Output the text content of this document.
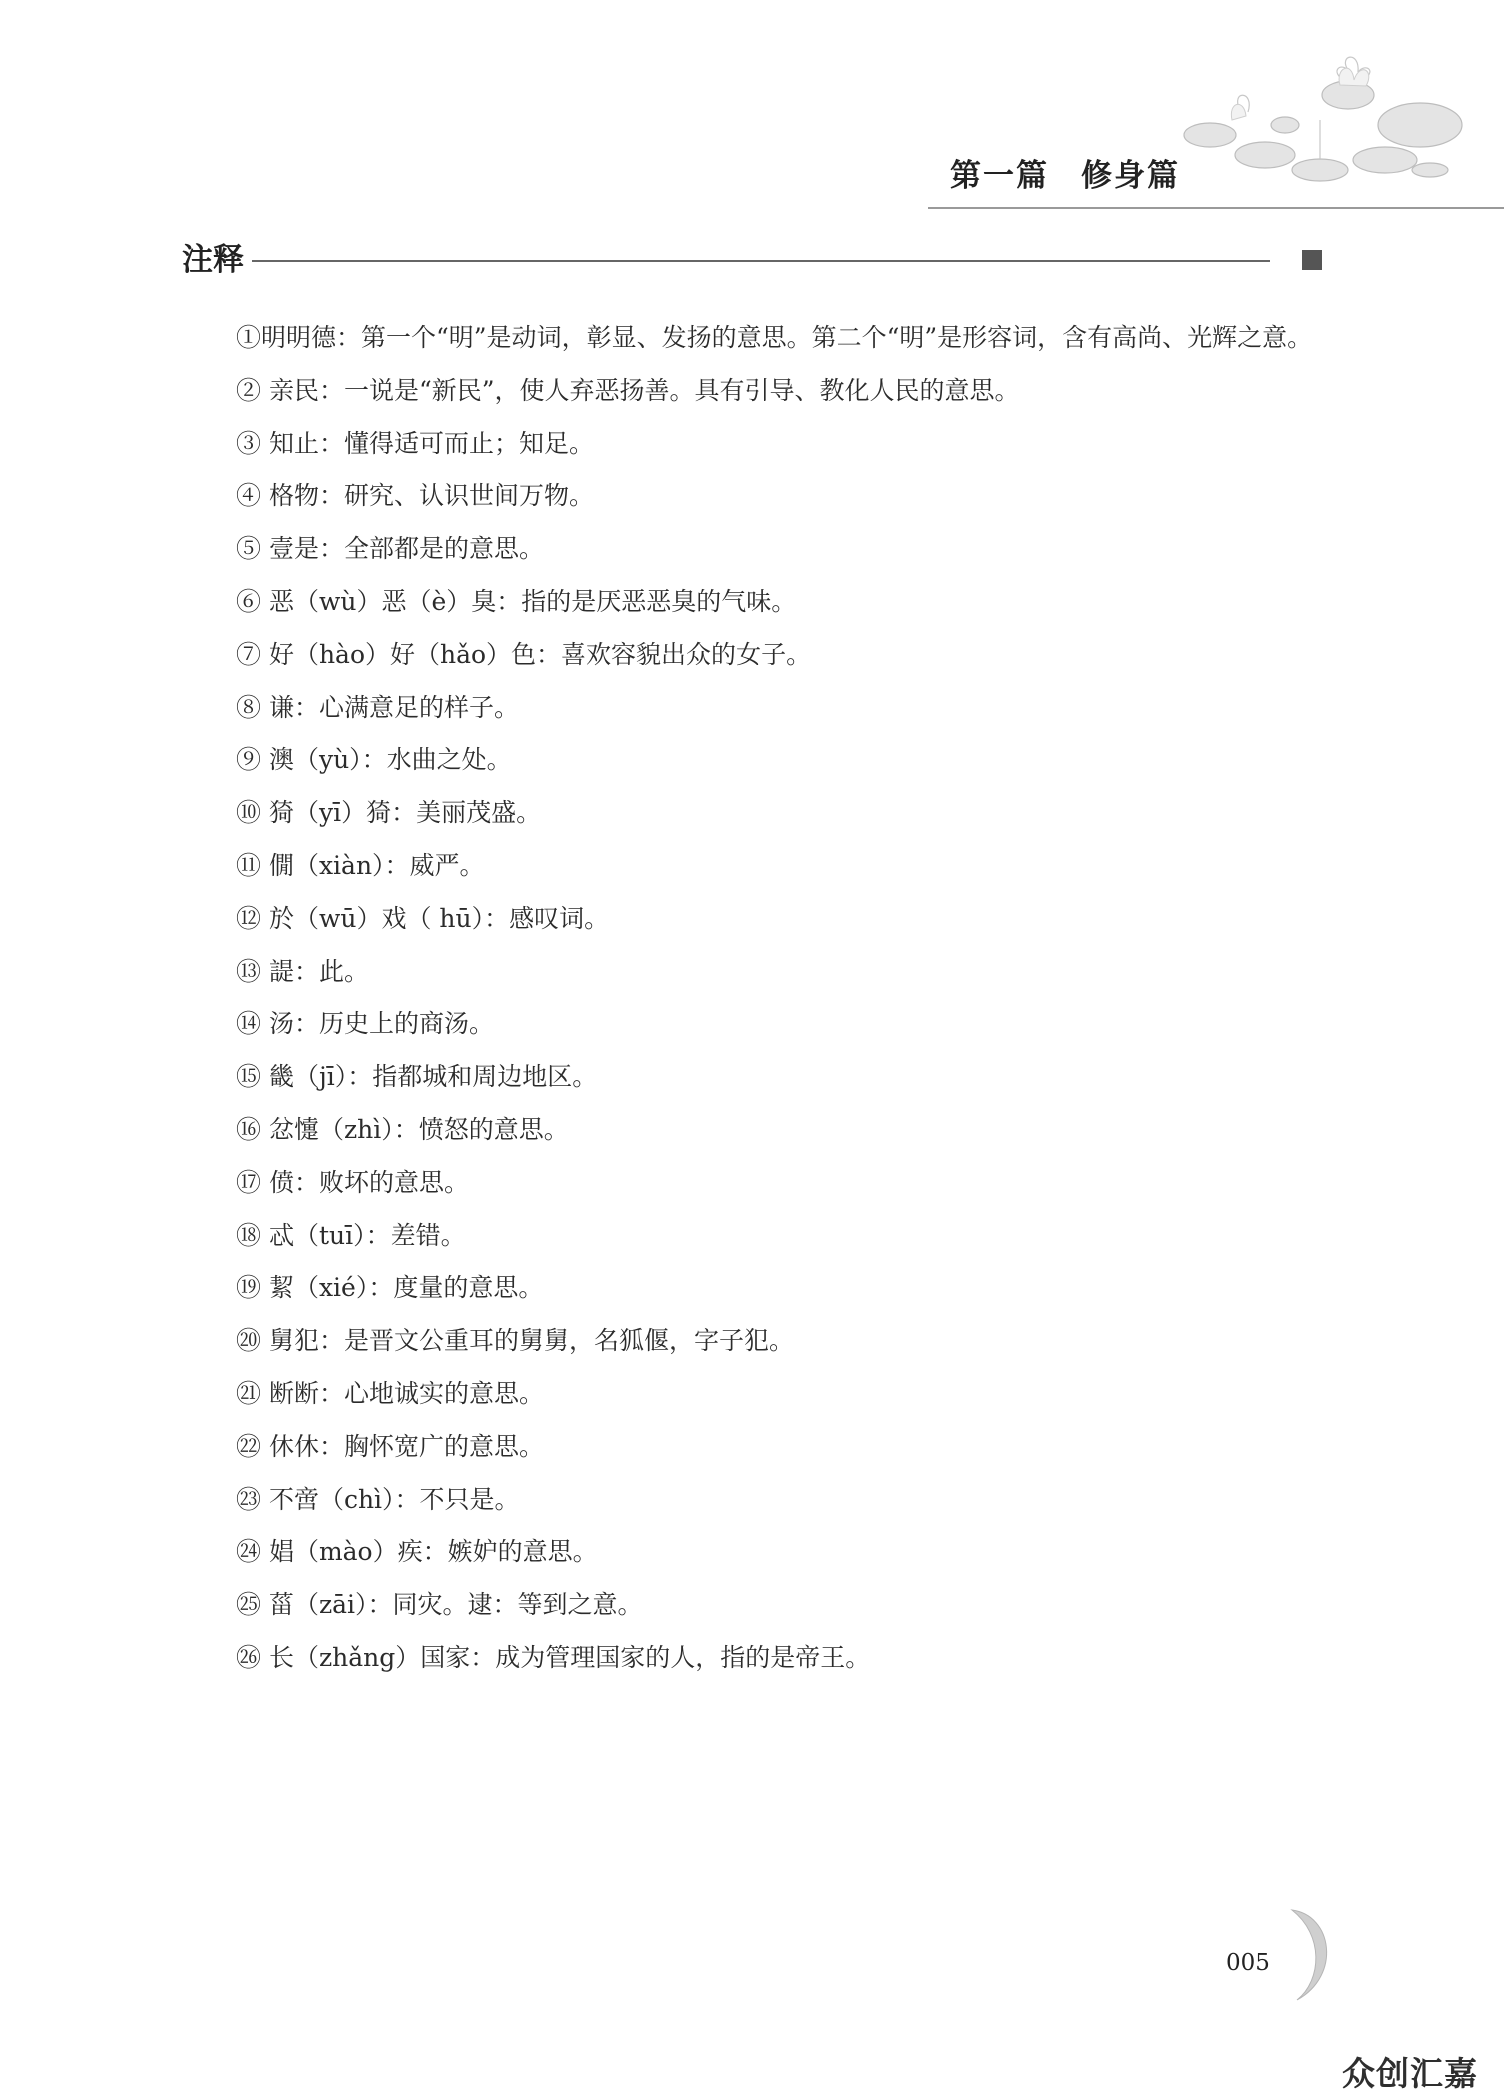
第一篇 修身篇
注释
①明明德：第一个“明”是动词，彰显、发扬的意思。第二个“明”是形容词，含有高尚、光辉之意。
② 亲民：一说是“新民”，使人弃恶扬善。具有引导、教化人民的意思。
③ 知止：懂得适可而止；知足。
④ 格物：研究、认识世间万物。
⑤ 壹是：全部都是的意思。
⑥ 恶（wù）恶（è）臭：指的是厌恶恶臭的气味。
⑦ 好（hào）好（hǎo）色：喜欢容貌出众的女子。
⑧ 谦：心满意足的样子。
⑨ 澳（yù）：水曲之处。
⑩ 猗（yī）猗：美丽茂盛。
⑪ 僩（xiàn）：威严。
⑫ 於（wū）戏（ hū）：感叹词。
⑬ 諟：此。
⑭ 汤：历史上的商汤。
⑮ 畿（jī）：指都城和周边地区。
⑯ 忿懥（zhì）：愤怒的意思。
⑰ 偾：败坏的意思。
⑱ 忒（tuī）：差错。
⑲ 絜（xié）：度量的意思。
⑳ 舅犯：是晋文公重耳的舅舅，名狐偃，字子犯。
㉑ 断断：心地诚实的意思。
㉒ 休休：胸怀宽广的意思。
㉓ 不啻（chì）：不只是。
㉔ 娼（mào）疾：嫉妒的意思。
㉕ 菑（zāi）：同灾。逮：等到之意。
㉖ 长（zhǎng）国家：成为管理国家的人，指的是帝王。
005
众创汇嘉
